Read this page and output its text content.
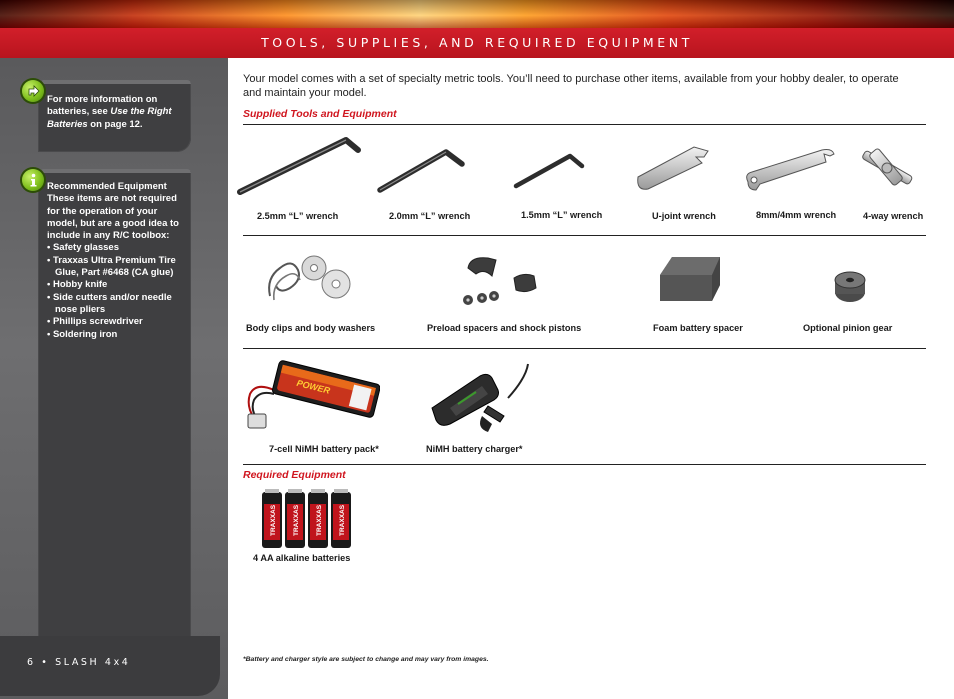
TOOLS, SUPPLIES, AND REQUIRED EQUIPMENT
For more information on batteries, see Use the Right Batteries on page 12.
Recommended Equipment
These items are not required for the operation of your model, but are a good idea to include in any R/C toolbox:
• Safety glasses
• Traxxas Ultra Premium Tire Glue, Part #6468 (CA glue)
• Hobby knife
• Side cutters and/or needle nose pliers
• Phillips screwdriver
• Soldering iron
6 • SLASH 4x4

Your model comes with a set of specialty metric tools. You’ll need to purchase other items, available from your hobby dealer, to operate and maintain your model.

Supplied Tools and Equipment
2.5mm “L” wrench	2.0mm “L” wrench	1.5mm “L” wrench	U-joint wrench	8mm/4mm wrench	4-way wrench
Body clips and body washers	Preload spacers and shock pistons	Foam battery spacer	Optional pinion gear
POWER
7-cell NiMH battery pack*	NiMH battery charger*
Required Equipment
TRAXXAS TRAXXAS TRAXXAS TRAXXAS
4 AA alkaline batteries
*Battery and charger style are subject to change and may vary from images.
